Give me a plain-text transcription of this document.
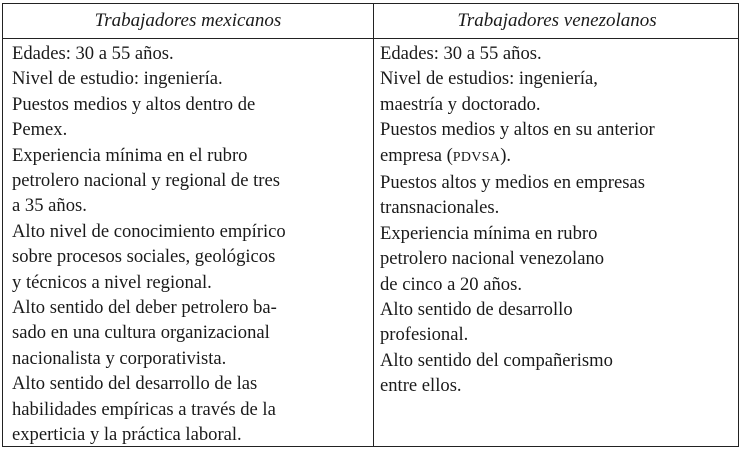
Trabajadores mexicanos	Trabajadores venezolanos
Edades: 30 a 55 años.
Nivel de estudio: ingeniería.
Puestos medios y altos dentro de
Pemex.
Experiencia mínima en el rubro
petrolero nacional y regional de tres
a 35 años.
Alto nivel de conocimiento empírico
sobre procesos sociales, geológicos
y técnicos a nivel regional.
Alto sentido del deber petrolero ba-
sado en una cultura organizacional
nacionalista y corporativista.
Alto sentido del desarrollo de las
habilidades empíricas a través de la
experticia y la práctica laboral.
Edades: 30 a 55 años.
Nivel de estudios: ingeniería,
maestría y doctorado.
Puestos medios y altos en su anterior
empresa (PDVSA).
Puestos altos y medios en empresas
transnacionales.
Experiencia mínima en rubro
petrolero nacional venezolano
de cinco a 20 años.
Alto sentido de desarrollo
profesional.
Alto sentido del compañerismo
entre ellos.
